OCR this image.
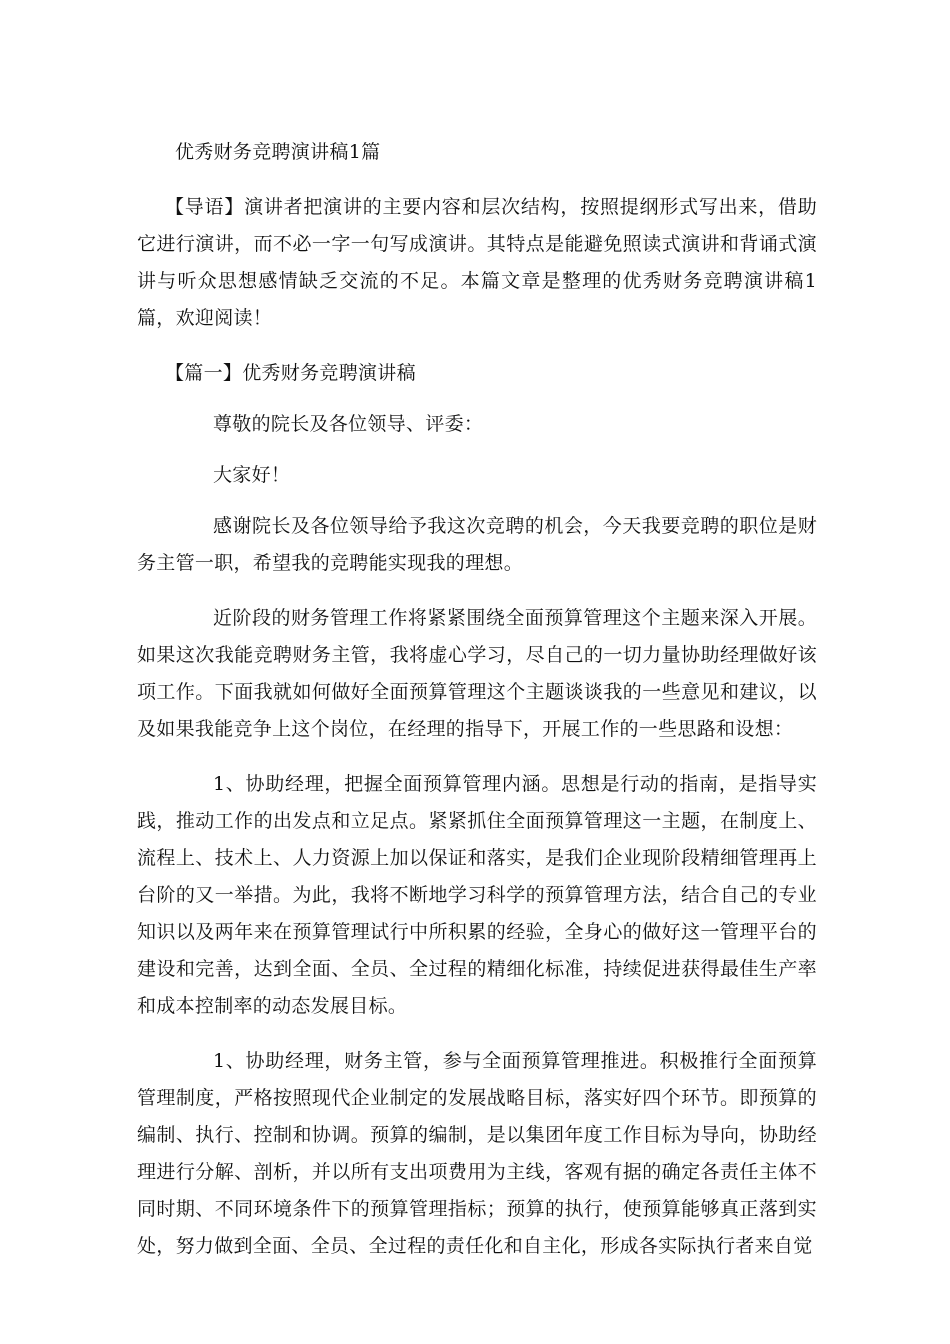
优秀财务竞聘演讲稿1篇

【导语】演讲者把演讲的主要内容和层次结构，按照提纲形式写出来，借助它进行演讲，而不必一字一句写成演讲。其特点是能避免照读式演讲和背诵式演讲与听众思想感情缺乏交流的不足。本篇文章是整理的优秀财务竞聘演讲稿1篇，欢迎阅读！

【篇一】优秀财务竞聘演讲稿

尊敬的院长及各位领导、评委：

大家好！

感谢院长及各位领导给予我这次竞聘的机会，今天我要竞聘的职位是财务主管一职，希望我的竞聘能实现我的理想。

近阶段的财务管理工作将紧紧围绕全面预算管理这个主题来深入开展。如果这次我能竞聘财务主管，我将虚心学习，尽自己的一切力量协助经理做好该项工作。下面我就如何做好全面预算管理这个主题谈谈我的一些意见和建议，以及如果我能竞争上这个岗位，在经理的指导下，开展工作的一些思路和设想：

1、协助经理，把握全面预算管理内涵。思想是行动的指南，是指导实践，推动工作的出发点和立足点。紧紧抓住全面预算管理这一主题，在制度上、流程上、技术上、人力资源上加以保证和落实，是我们企业现阶段精细管理再上台阶的又一举措。为此，我将不断地学习科学的预算管理方法，结合自己的专业知识以及两年来在预算管理试行中所积累的经验，全身心的做好这一管理平台的建设和完善，达到全面、全员、全过程的精细化标准，持续促进获得最佳生产率和成本控制率的动态发展目标。

1、协助经理，财务主管，参与全面预算管理推进。积极推行全面预算管理制度，严格按照现代企业制定的发展战略目标，落实好四个环节。即预算的编制、执行、控制和协调。预算的编制，是以集团年度工作目标为导向，协助经理进行分解、剖析，并以所有支出项费用为主线，客观有据的确定各责任主体不同时期、不同环境条件下的预算管理指标；预算的执行，使预算能够真正落到实处，努力做到全面、全员、全过程的责任化和自主化，形成各实际执行者来自觉
